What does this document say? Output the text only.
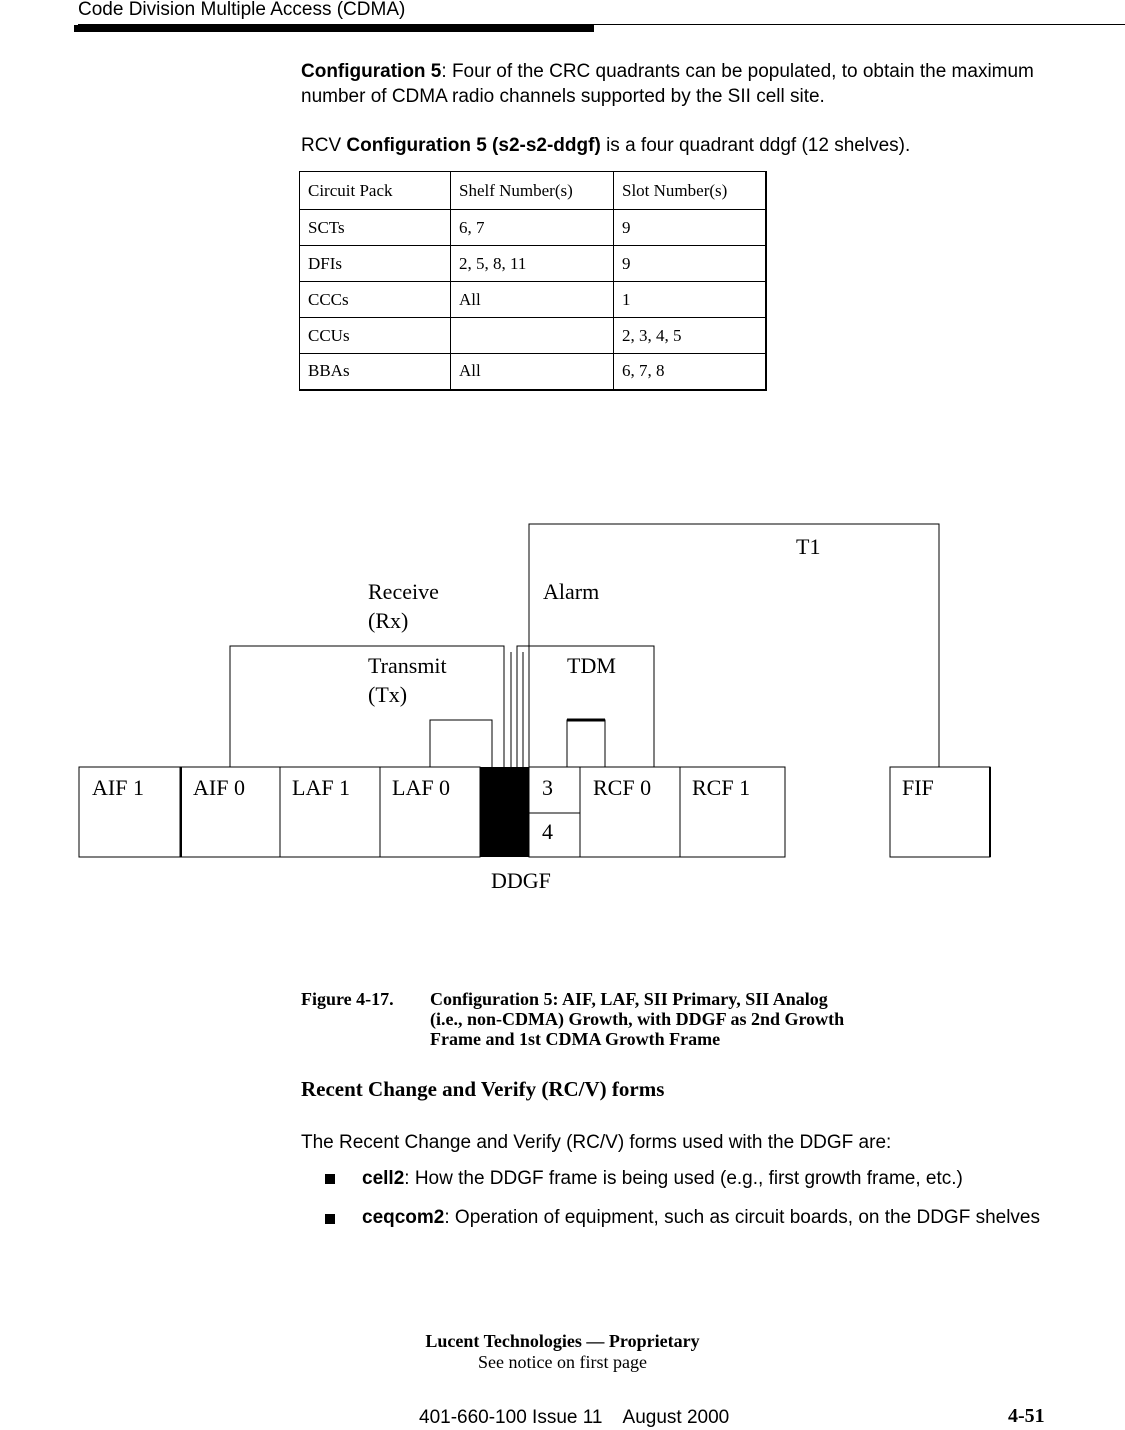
Code Division Multiple Access (CDMA)
Configuration 5: Four of the CRC quadrants can be populated, to obtain the maximum number of CDMA radio channels supported by the SII cell site.
RCV Configuration 5 (s2-s2-ddgf) is a four quadrant ddgf (12 shelves).
Circuit Pack	Shelf Number(s)	Slot Number(s)
SCTs	6, 7	9
DFIs	2, 5, 8, 11	9
CCCs	All	1
CCUs		2, 3, 4, 5
BBAs	All	6, 7, 8
T1
Receive
(Rx)
Alarm
Transmit
(Tx)
TDM
AIF 1 AIF 0 LAF 1 LAF 0	3
4
RCF 0 RCF 1	FIF
DDGF
Figure 4-17. Configuration 5: AIF, LAF, SII Primary, SII Analog
(i.e., non-CDMA) Growth, with DDGF as 2nd Growth
Frame and 1st CDMA Growth Frame
Recent Change and Verify (RC/V) forms
The Recent Change and Verify (RC/V) forms used with the DDGF are:
cell2: How the DDGF frame is being used (e.g., first growth frame, etc.)
ceqcom2: Operation of equipment, such as circuit boards, on the DDGF shelves
Lucent Technologies — Proprietary
See notice on first page
401-660-100 Issue 11    August 2000	4-51
